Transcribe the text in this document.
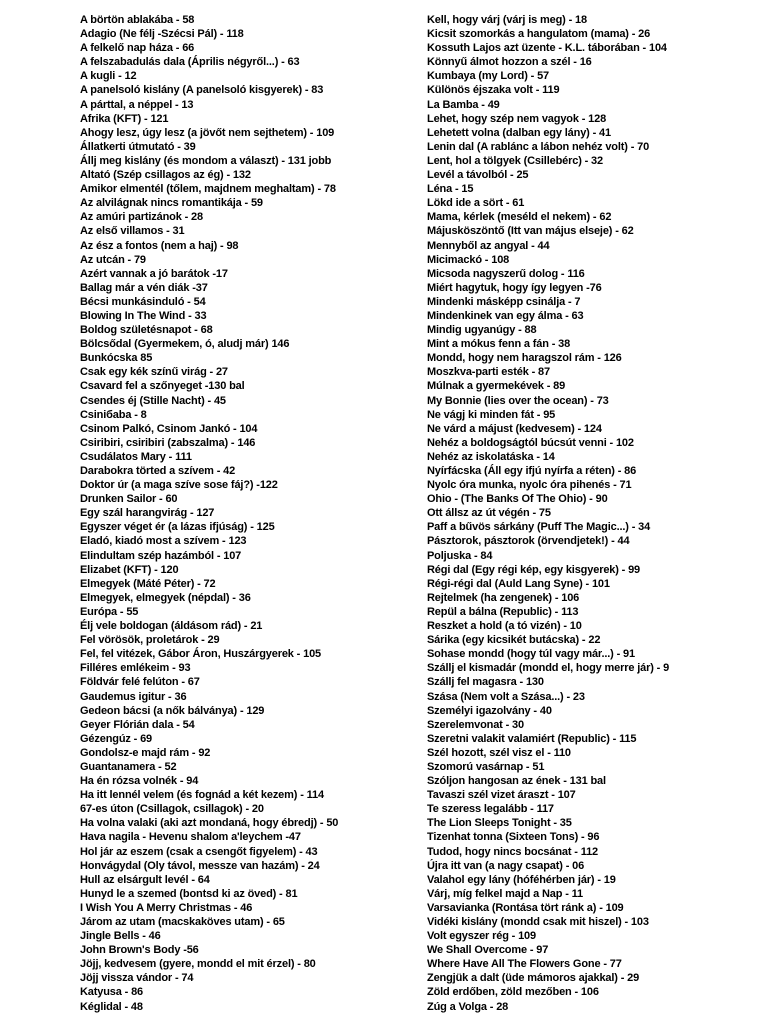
A börtön ablakába - 58
Adagio (Ne félj -Szécsi Pál) - 118
A felkelő nap háza - 66
A felszabadulás dala (Április négyről...) - 63
A kugli - 12
A panelsoló kislány (A panelsoló kisgyerek) - 83
A párttal, a néppel - 13
Afrika (KFT) - 121
Ahogy lesz, úgy lesz (a jövőt nem sejthetem) - 109
Állatkerti útmutató - 39
Állj meg kislány (és mondom a választ) - 131 jobb
Altató (Szép csillagos az ég) - 132
Amikor elmentél (tőlem, majdnem meghaltam) - 78
Az alvilágnak nincs romantikája - 59
Az amúri partizánok - 28
Az első villamos - 31
Az ész a fontos (nem a haj) - 98
Az utcán - 79
Azért vannak a jó barátok -17
Ballag már a vén diák -37
Bécsi munkásinduló - 54
Blowing In The Wind - 33
Boldog születésnapot - 68
Bölcsődal (Gyermekem, ó, aludj már) 146
Bunkócska 85
Csak egy kék színű virág - 27
Csavard fel a szőnyeget -130 bal
Csendes éj (Stille Nacht) - 45
Csiniбaba - 8
Csinom Palkó, Csinom Jankó - 104
Csiribiri, csiribiri (zabszalma) - 146
Csudálatos Mary - 111
Darabokra törted a szívem - 42
Doktor úr (a maga szíve sose fáj?) -122
Drunken Sailor - 60
Egy szál harangvirág - 127
Egyszer véget ér (a lázas ifjúság) - 125
Eladó, kiadó most a szívem - 123
Elindultam szép hazámból - 107
Elizabet (KFT) - 120
Elmegyek (Máté Péter) - 72
Elmegyek, elmegyek (népdal) - 36
Európa - 55
Élj vele boldogan (áldásom rád) - 21
Fel vörösök, proletárok - 29
Fel, fel vitézek, Gábor Áron, Huszárgyerek - 105
Filléres emlékeim - 93
Földvár felé felúton - 67
Gaudemus igitur - 36
Gedeon bácsi (a nők bálványa) - 129
Geyer Flórián dala - 54
Gézengúz - 69
Gondolsz-e majd rám - 92
Guantanamera - 52
Ha én rózsa volnék - 94
Ha itt lennél velem (és fognád a két kezem) - 114
67-es úton (Csillagok, csillagok) - 20
Ha volna valaki (aki azt mondaná, hogy ébredj) - 50
Hava nagila - Hevenu shalom a'leychem -47
Hol jár az eszem (csak a csengőt figyelem) - 43
Honvágydal (Oly távol, messze van hazám) - 24
Hull az elsárgult levél - 64
Hunyd le a szemed (bontsd ki az öved) - 81
I Wish You A Merry Christmas - 46
Járom az utam (macskaköves utam) - 65
Jingle Bells - 46
John Brown's Body -56
Jöjj, kedvesem (gyere, mondd el mit érzel) - 80
Jöjj vissza vándor - 74
Katyusa - 86
Kéglidal - 48
Kell, hogy várj (várj is meg) - 18
Kicsit szomorkás a hangulatom (mama) - 26
Kossuth Lajos azt üzente - K.L. táborában - 104
Könnyű álmot hozzon a szél - 16
Kumbaya (my Lord) - 57
Különös éjszaka volt - 119
La Bamba - 49
Lehet, hogy szép nem vagyok - 128
Lehetett volna (dalban egy lány) - 41
Lenin dal (A rablánc a lábon nehéz volt) - 70
Lent, hol a tölgyek (Csillebérc) - 32
Levél a távolból - 25
Léna - 15
Lökd ide a sört - 61
Mama, kérlek (meséld el nekem) - 62
Májusköszöntő (Itt van május elseje) - 62
Mennyből az angyal - 44
Micimackó - 108
Micsoda nagyszerű dolog - 116
Miért hagytuk, hogy így legyen -76
Mindenki másképp csinálja - 7
Mindenkinek van egy álma - 63
Mindig ugyanúgy - 88
Mint a mókus fenn a fán - 38
Mondd, hogy nem haragszol rám - 126
Moszkva-parti esték - 87
Múlnak a gyermekévek - 89
My Bonnie (lies over the ocean) - 73
Ne vágj ki minden fát - 95
Ne várd a májust (kedvesem) - 124
Nehéz a boldogságtól búcsút venni - 102
Nehéz az iskolatáska - 14
Nyírfácska (Áll egy ifjú nyírfa a réten) - 86
Nyolc óra munka, nyolc óra pihenés - 71
Ohio - (The Banks Of The Ohio) - 90
Ott állsz az út végén - 75
Paff a bűvös sárkány (Puff The Magic...) - 34
Pásztorok, pásztorok (örvendjetek!) - 44
Poljuska - 84
Régi dal (Egy régi kép, egy kisgyerek) - 99
Régi-régi dal (Auld Lang Syne) - 101
Rejtelmek (ha zengenek) - 106
Repül a bálna (Republic) - 113
Reszket a hold (a tó vizén) - 10
Sárika (egy kicsikét butácska) - 22
Sohase mondd (hogy túl vagy már...) - 91
Szállj el kismadár (mondd el, hogy merre jár) - 9
Szállj fel magasra - 130
Szása (Nem volt a Szása...) - 23
Személyi igazolvány - 40
Szerelemvonat - 30
Szeretni valakit valamiért (Republic) - 115
Szél hozott, szél visz el - 110
Szomorú vasárnap - 51
Szóljon hangosan az ének - 131 bal
Tavaszi szél vizet áraszt - 107
Te szeress legalább - 117
The Lion Sleeps Tonight - 35
Tizenhat tonna (Sixteen Tons) - 96
Tudod, hogy nincs bocsánat - 112
Újra itt van (a nagy csapat) - 06
Valahol egy lány (hóféhérben jár) - 19
Várj, míg felkel majd a Nap - 11
Varsavianka (Rontása tört ránk a) - 109
Vidéki kislány (mondd csak mit hiszel) - 103
Volt egyszer rég - 109
We Shall Overcome - 97
Where Have All The Flowers Gone - 77
Zengjük a dalt (üde mámoros ajakkal) - 29
Zöld erdőben, zöld mezőben - 106
Zúg a Volga - 28
